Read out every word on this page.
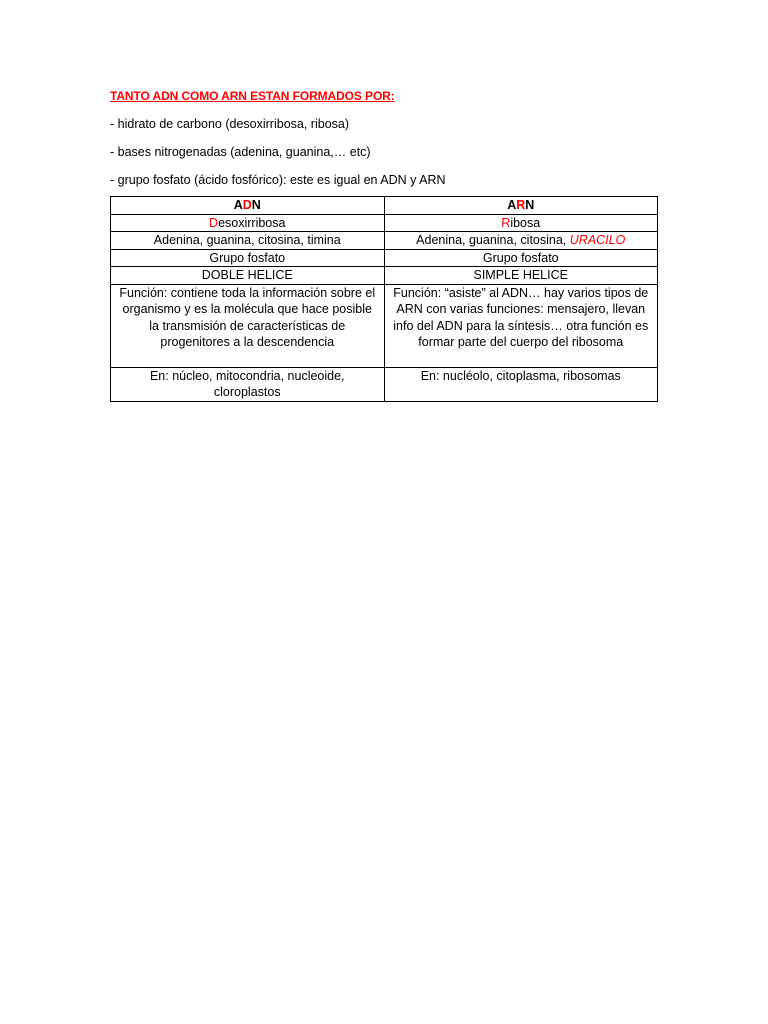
TANTO ADN COMO ARN ESTAN FORMADOS POR:

- hidrato de carbono (desoxirribosa, ribosa)

- bases nitrogenadas (adenina, guanina,… etc)

- grupo fosfato (ácido fosfórico): este es igual en ADN y ARN

ADN	ARN
Desoxirribosa	Ribosa
Adenina, guanina, citosina, timina	Adenina, guanina, citosina, URACILO
Grupo fosfato	Grupo fosfato
DOBLE HELICE	SIMPLE HELICE
Función: contiene toda la información sobre el organismo y es la molécula que hace posible la transmisión de características de progenitores a la descendencia	Función: “asiste” al ADN… hay varios tipos de ARN con varias funciones: mensajero, llevan info del ADN para la síntesis… otra función es formar parte del cuerpo del ribosoma
En: núcleo, mitocondria, nucleoide, cloroplastos	En: nucléolo, citoplasma, ribosomas
